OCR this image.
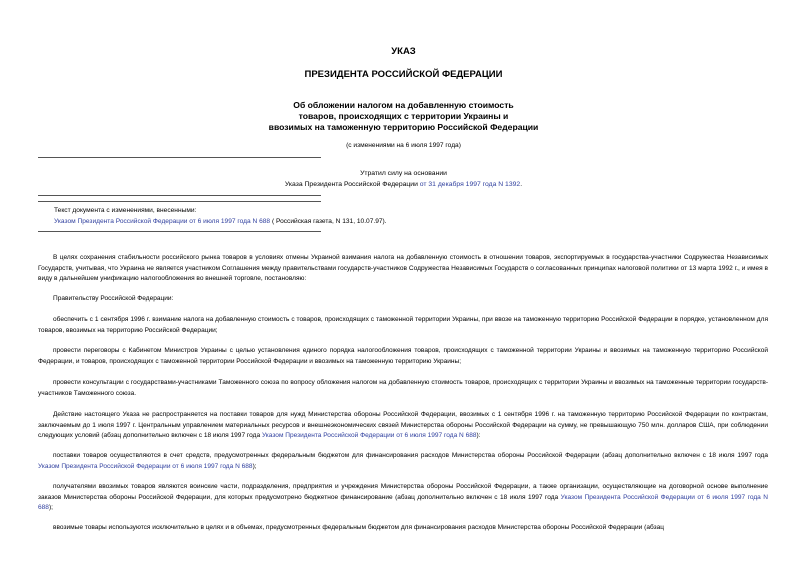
УКАЗ
ПРЕЗИДЕНТА РОССИЙСКОЙ ФЕДЕРАЦИИ
Об обложении налогом на добавленную стоимость
товаров, происходящих с территории Украины и
ввозимых на таможенную территорию Российской Федерации
(с изменениями на 6 июля 1997 года)
Утратил силу на основании
Указа Президента Российской Федерации от 31 декабря 1997 года N 1392.
Текст документа с изменениями, внесенными:
Указом Президента Российской Федерации от 6 июля 1997 года N 688 ( Российская газета, N 131, 10.07.97).
В целях сохранения стабильности российского рынка товаров в условиях отмены Украиной взимания налога на добавленную стоимость в отношении товаров, экспортируемых в государства-участники Содружества Независимых Государств, учитывая, что Украина не является участником Соглашения между правительствами государств-участников Содружества Независимых Государств о согласованных принципах налоговой политики от 13 марта 1992 г., и имея в виду в дальнейшем унификацию налогообложения во внешней торговле, постановляю:
Правительству Российской Федерации:
обеспечить с 1 сентября 1996 г. взимание налога на добавленную стоимость с товаров, происходящих с таможенной территории Украины, при ввозе на таможенную территорию Российской Федерации в порядке, установленном для товаров, ввозимых на территорию Российской Федерации;
провести переговоры с Кабинетом Министров Украины с целью установления единого порядка налогообложения товаров, происходящих с таможенной территории Украины и ввозимых на таможенную территорию Российской Федерации, и товаров, происходящих с таможенной территории Российской Федерации и ввозимых на таможенную территорию Украины;
провести консультации с государствами-участниками Таможенного союза по вопросу обложения налогом на добавленную стоимость товаров, происходящих с территории Украины и ввозимых на таможенные территории государств-участников Таможенного союза.
Действие настоящего Указа не распространяется на поставки товаров для нужд Министерства обороны Российской Федерации, ввозимых с 1 сентября 1996 г. на таможенную территорию Российской Федерации по контрактам, заключаемым до 1 июля 1997 г. Центральным управлением материальных ресурсов и внешнеэкономических связей Министерства обороны Российской Федерации на сумму, не превышающую 750 млн. долларов США, при соблюдении следующих условий (абзац дополнительно включен с 18 июля 1997 года Указом Президента Российской Федерации от 6 июля 1997 года N 688):
поставки товаров осуществляются в счет средств, предусмотренных федеральным бюджетом для финансирования расходов Министерства обороны Российской Федерации (абзац дополнительно включен с 18 июля 1997 года Указом Президента Российской Федерации от 6 июля 1997 года N 688);
получателями ввозимых товаров являются воинские части, подразделения, предприятия и учреждения Министерства обороны Российской Федерации, а также организации, осуществляющие на договорной основе выполнение заказов Министерства обороны Российской Федерации, для которых предусмотрено бюджетное финансирование (абзац дополнительно включен с 18 июля 1997 года Указом Президента Российской Федерации от 6 июля 1997 года N 688);
ввозимые товары используются исключительно в целях и в объемах, предусмотренных федеральным бюджетом для финансирования расходов Министерства обороны Российской Федерации (абзац
